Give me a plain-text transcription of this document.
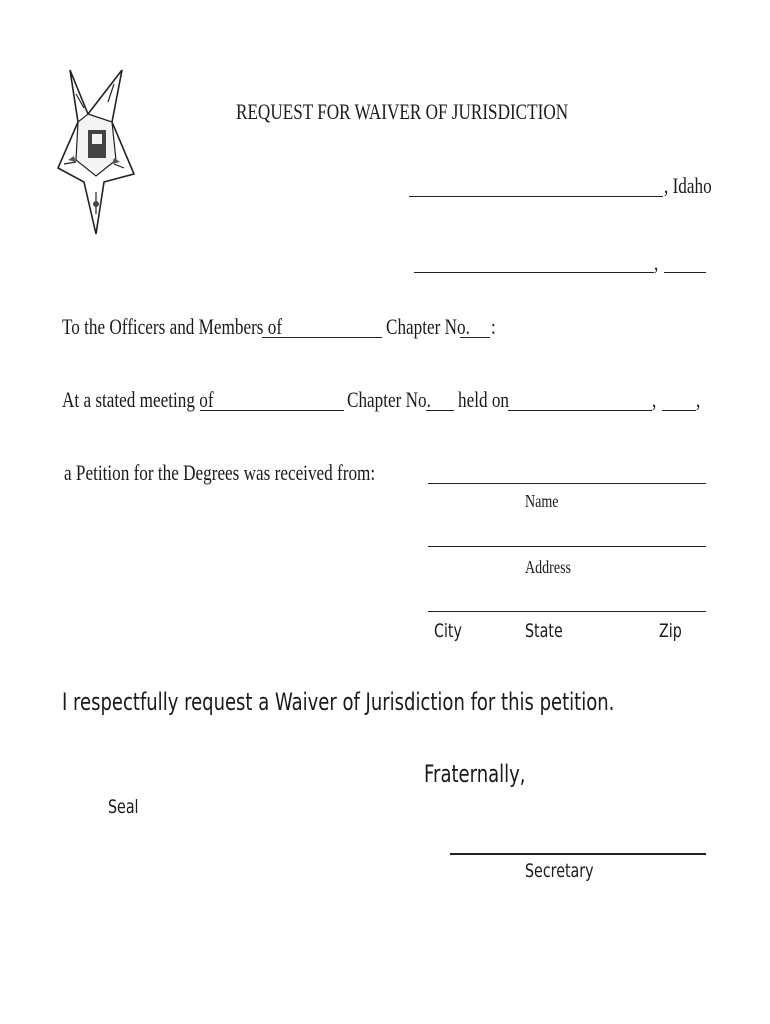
REQUEST FOR WAIVER OF JURISDICTION
, Idaho
,
To the Officers and Members of	Chapter No. :
At a stated meeting of	Chapter No. held on	, ,
a Petition for the Degrees was received from:
Name
Address
City	State	Zip
I respectfully request a Waiver of Jurisdiction for this petition.
Fraternally,
Seal
Secretary
